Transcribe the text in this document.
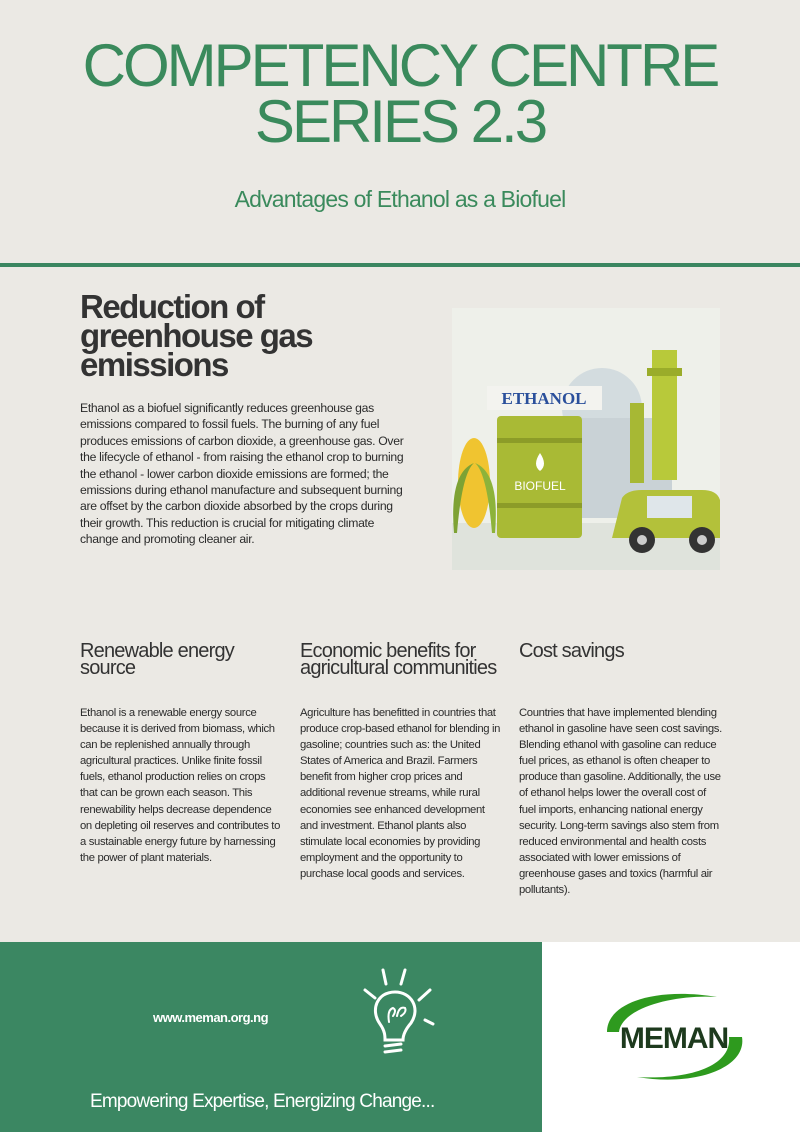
COMPETENCY CENTRE
SERIES 2.3
Advantages of Ethanol as a Biofuel
Reduction of greenhouse gas emissions

Ethanol as a biofuel significantly reduces greenhouse gas emissions compared to fossil fuels. The burning of any fuel produces emissions of carbon dioxide, a greenhouse gas. Over the lifecycle of ethanol - from raising the ethanol crop to burning the ethanol - lower carbon dioxide emissions are formed; the emissions during ethanol manufacture and subsequent burning are offset by the carbon dioxide absorbed by the crops during their growth. This reduction is crucial for mitigating climate change and promoting cleaner air.

ETHANOL
BIOFUEL
Renewable energy source

Ethanol is a renewable energy source because it is derived from biomass, which can be replenished annually through agricultural practices. Unlike finite fossil fuels, ethanol production relies on crops that can be grown each season. This renewability helps decrease dependence on depleting oil reserves and contributes to a sustainable energy future by harnessing the power of plant materials.

Economic benefits for agricultural communities

Agriculture has benefitted in countries that produce crop-based ethanol for blending in gasoline; countries such as: the United States of America and Brazil. Farmers benefit from higher crop prices and additional revenue streams, while rural economies see enhanced development and investment. Ethanol plants also stimulate local economies by providing employment and the opportunity to purchase local goods and services.

Cost savings

Countries that have implemented blending ethanol in gasoline have seen cost savings. Blending ethanol with gasoline can reduce fuel prices, as ethanol is often cheaper to produce than gasoline. Additionally, the use of ethanol helps lower the overall cost of fuel imports, enhancing national energy security. Long-term savings also stem from reduced environmental and health costs associated with lower emissions of greenhouse gases and toxics (harmful air pollutants).

www.meman.org.ng
Empowering Expertise, Energizing Change...
MEMAN
